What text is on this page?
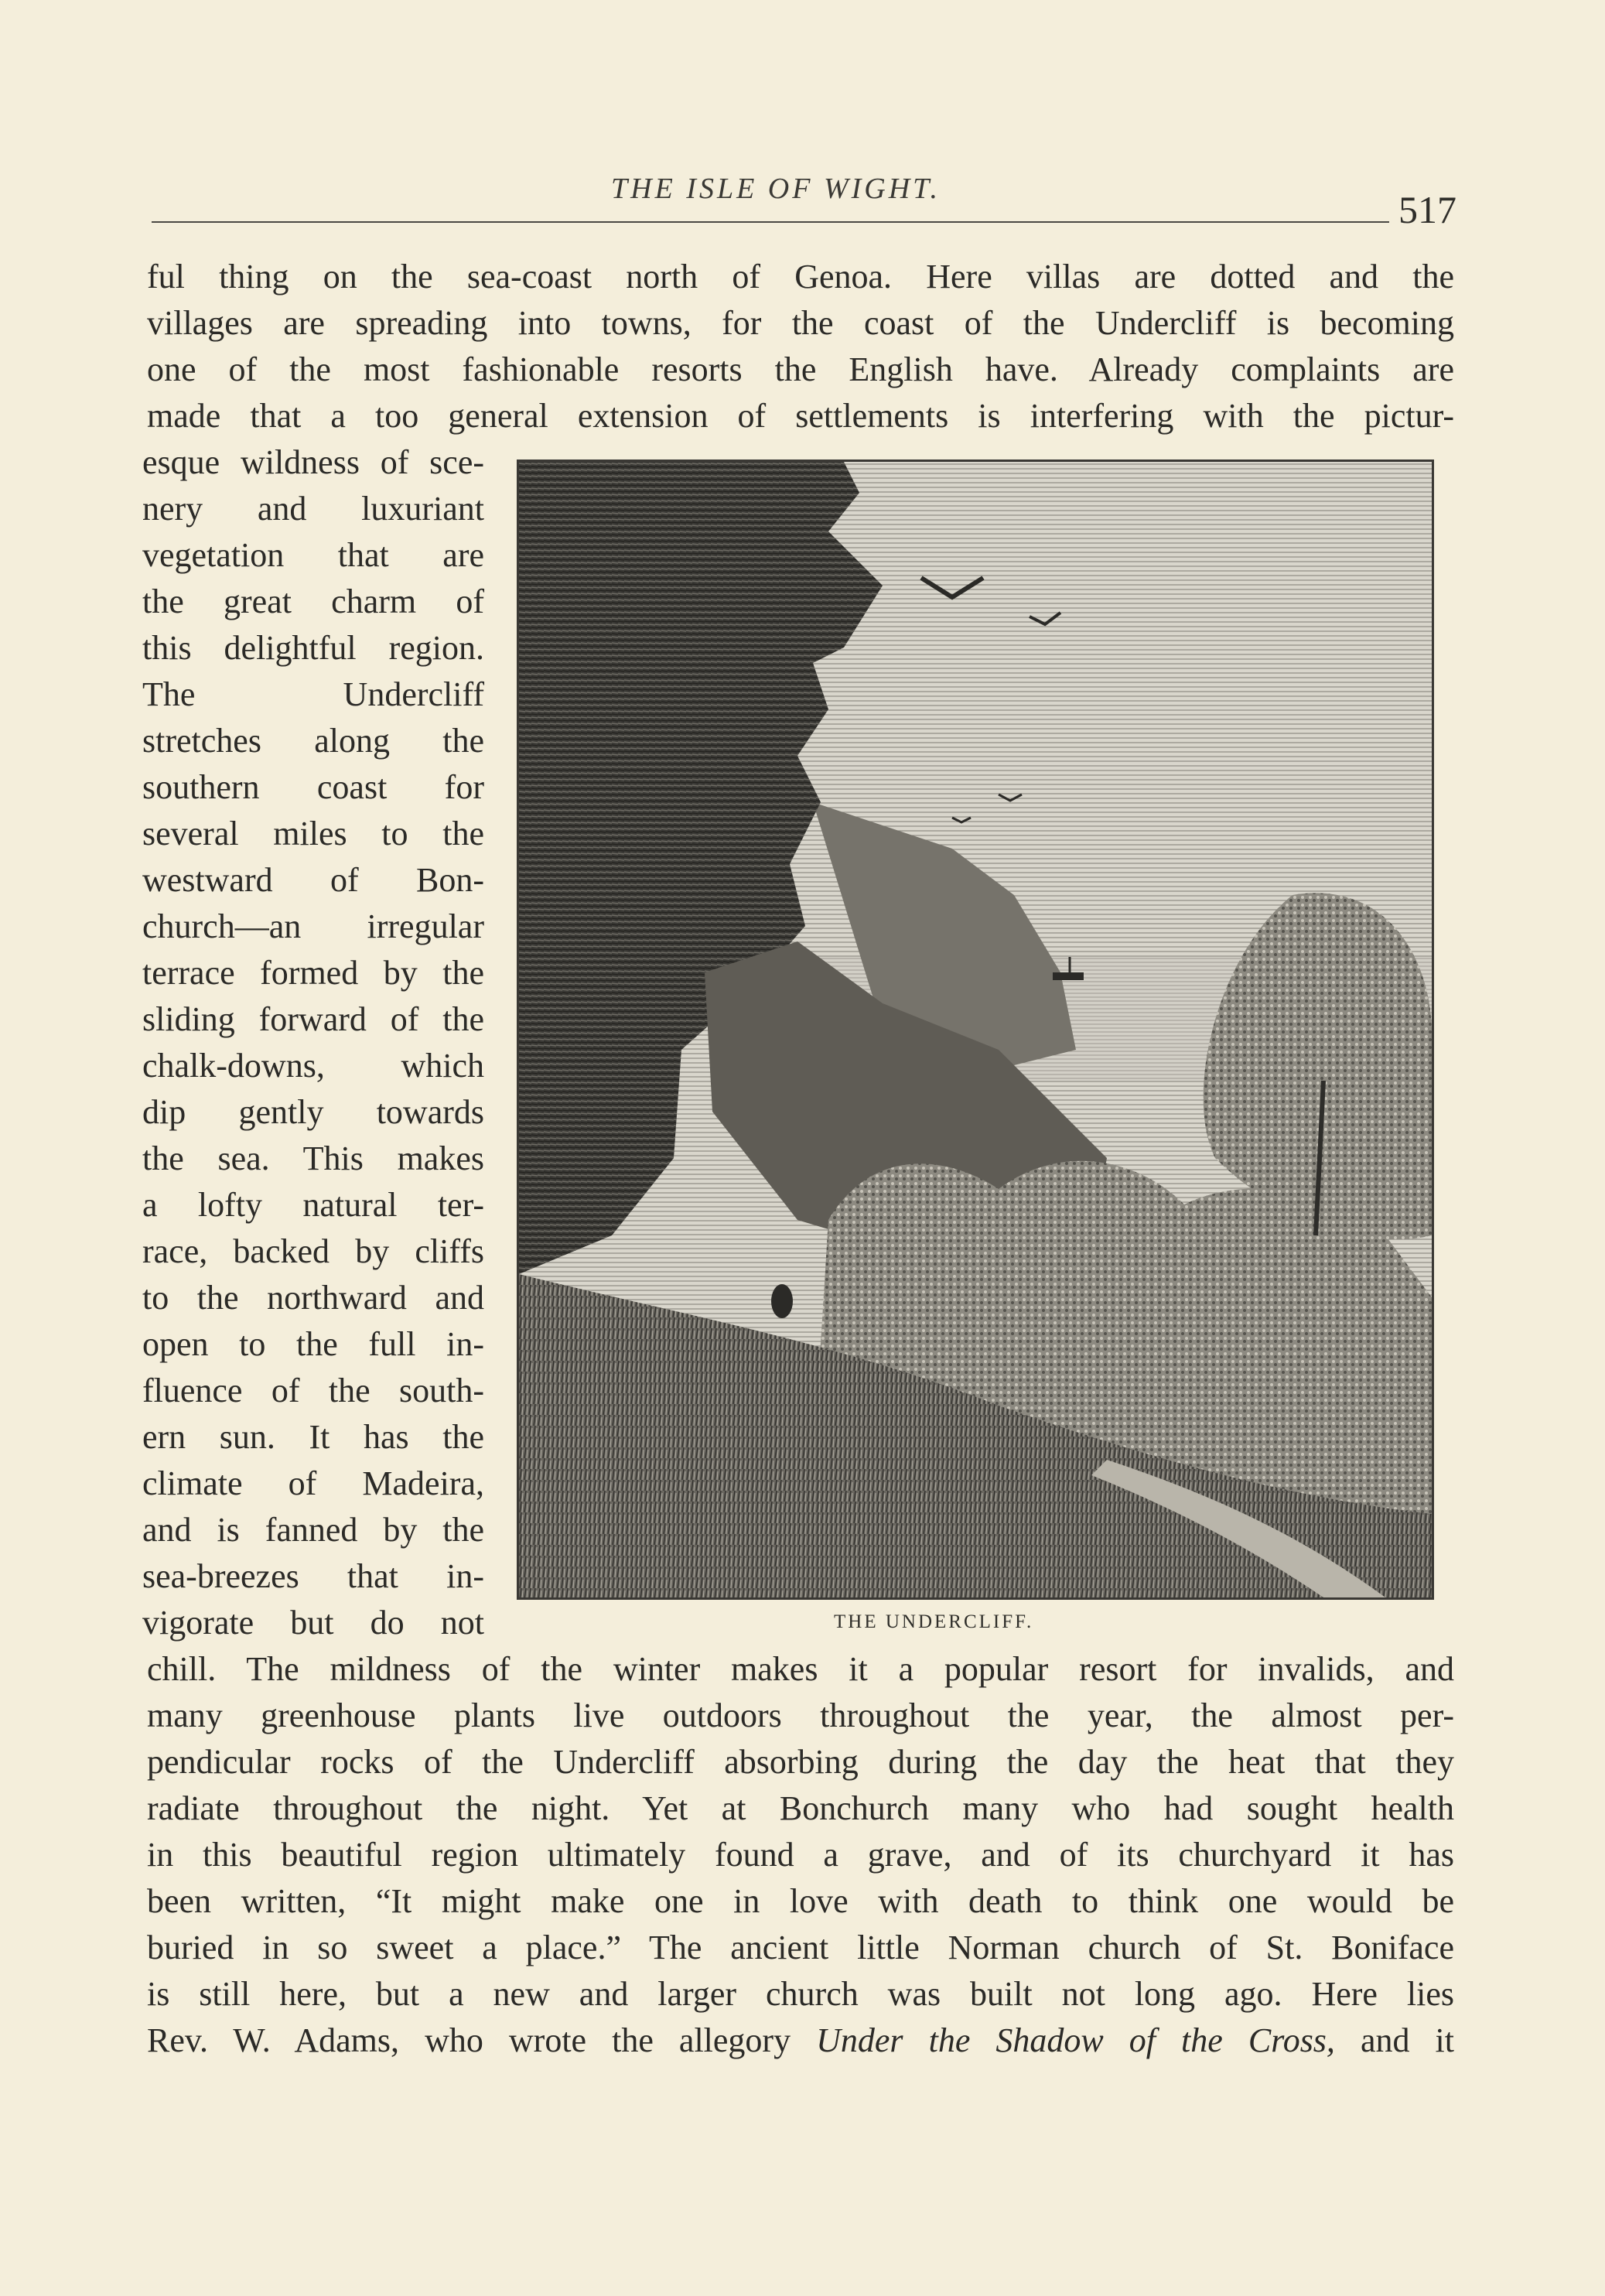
THE ISLE OF WIGHT.	517
ful thing on the sea-coast north of Genoa. Here villas are dotted and the
villages are spreading into towns, for the coast of the Undercliff is becoming
one of the most fashionable resorts the English have. Already complaints are
made that a too general extension of settlements is interfering with the pictur-
esque wildness of sce-
nery and luxuriant
vegetation that are
the great charm of
this delightful region.
The Undercliff
stretches along the
southern coast for
several miles to the
westward of Bon-
church—an irregular
terrace formed by the
sliding forward of the
chalk-downs, which
dip gently towards
the sea. This makes
a lofty natural ter-
race, backed by cliffs
to the northward and
open to the full in-
fluence of the south-
ern sun. It has the
climate of Madeira,
and is fanned by the
sea-breezes that in-
vigorate but do not	THE UNDERCLIFF.
chill. The mildness of the winter makes it a popular resort for invalids, and
many greenhouse plants live outdoors throughout the year, the almost per-
pendicular rocks of the Undercliff absorbing during the day the heat that they
radiate throughout the night. Yet at Bonchurch many who had sought health
in this beautiful region ultimately found a grave, and of its churchyard it has
been written, “It might make one in love with death to think one would be
buried in so sweet a place.” The ancient little Norman church of St. Boniface
is still here, but a new and larger church was built not long ago. Here lies
Rev. W. Adams, who wrote the allegory Under the Shadow of the Cross, and it
